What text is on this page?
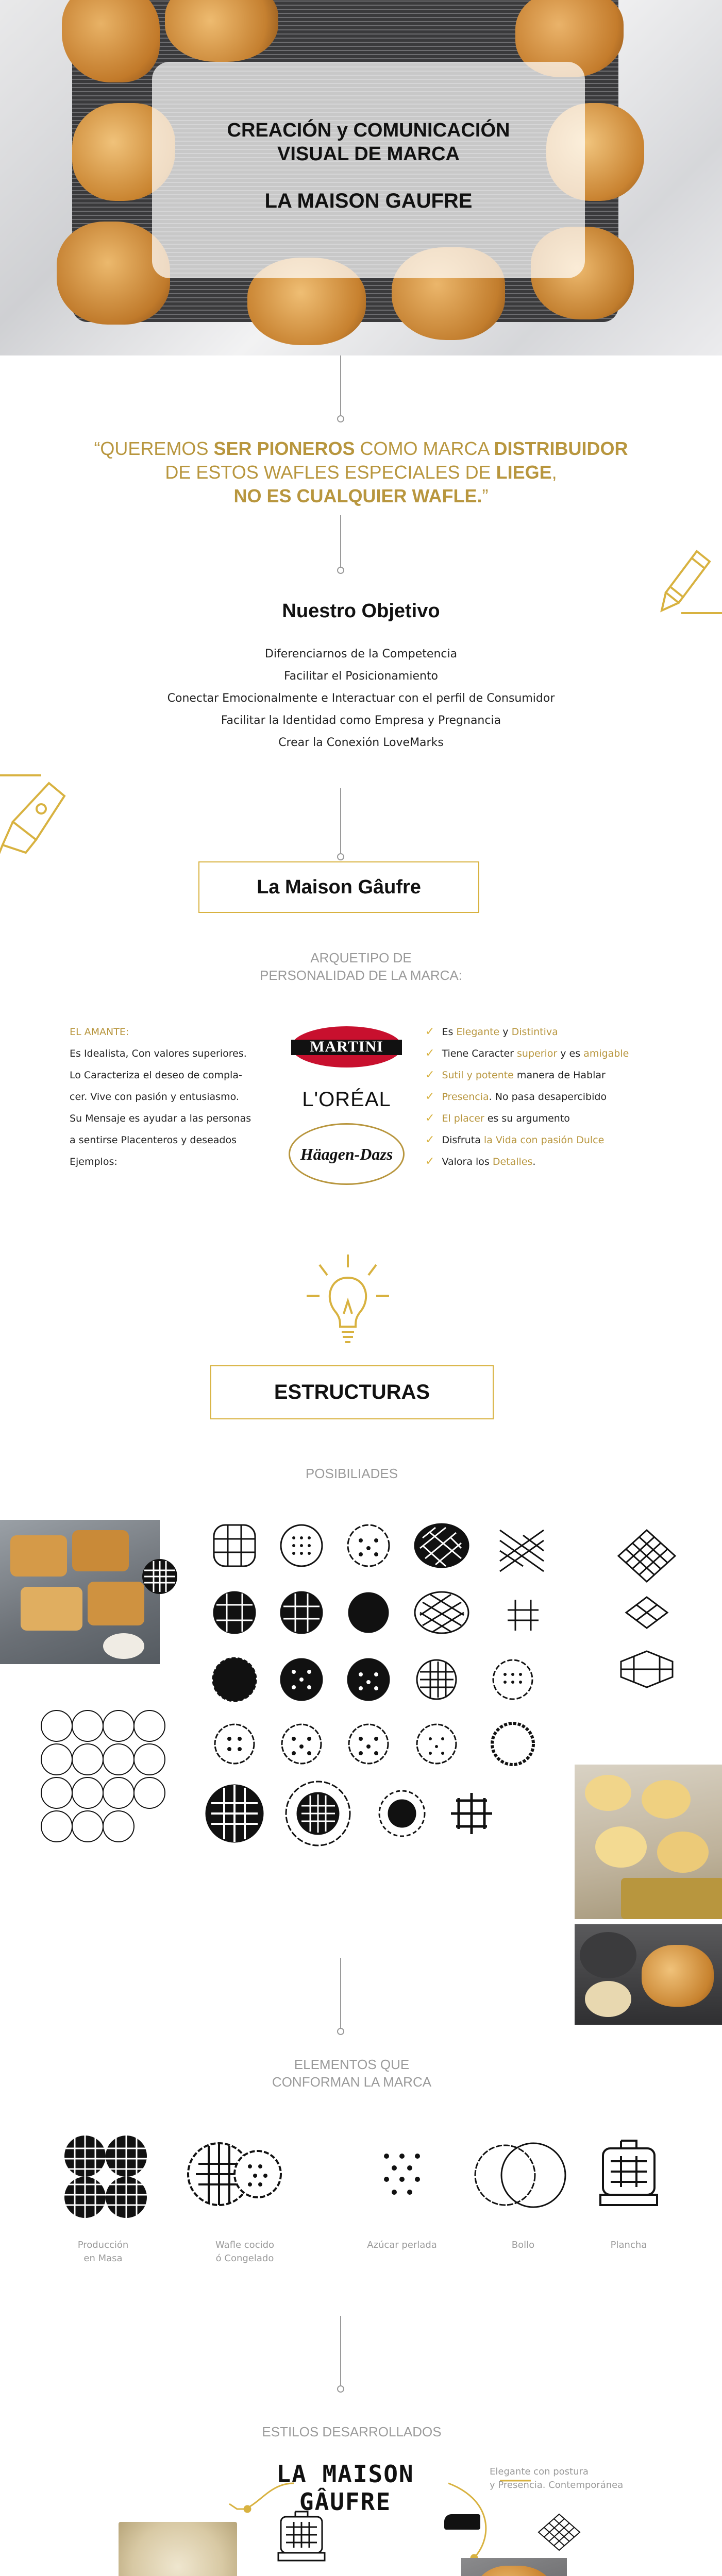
CREACIÓN y COMUNICACIÓN
VISUAL DE MARCA
LA MAISON GAUFRE
“QUEREMOS SER PIONEROS COMO MARCA DISTRIBUIDOR
DE ESTOS WAFLES ESPECIALES DE LIEGE,
NO ES CUALQUIER WAFLE.”
Nuestro Objetivo
Diferenciarnos de la Competencia
Facilitar el Posicionamiento
Conectar Emocionalmente e Interactuar con el perfil de Consumidor
Facilitar la Identidad como Empresa y Pregnancia
Crear la Conexión LoveMarks
La Maison Gâufre
ARQUETIPO DE
PERSONALIDAD DE LA MARCA:
EL AMANTE:
Es Idealista, Con valores superiores.
Lo Caracteriza el deseo de compla-
cer. Vive con pasión y entusiasmo.
Su Mensaje es ayudar a las personas
a sentirse Placenteros y deseados
Ejemplos:
MARTINI
L'ORÉAL
Häagen-Dazs
✓ Es Elegante y Distintiva
✓ Tiene Caracter superior y es amigable
✓ Sutil y potente manera de Hablar
✓ Presencia. No pasa desapercibido
✓ El placer es su argumento
✓ Disfruta la Vida con pasión Dulce
✓ Valora los Detalles.
ESTRUCTURAS
POSIBILIADES
ELEMENTOS QUE
CONFORMAN LA MARCA
Producción
en Masa
Wafle cocido
ó Congelado
Azúcar perlada	Bollo	Plancha
ESTILOS DESARROLLADOS
LA MAISON GÂUFRE
Elegante con postura
y Presencia. Contemporánea
